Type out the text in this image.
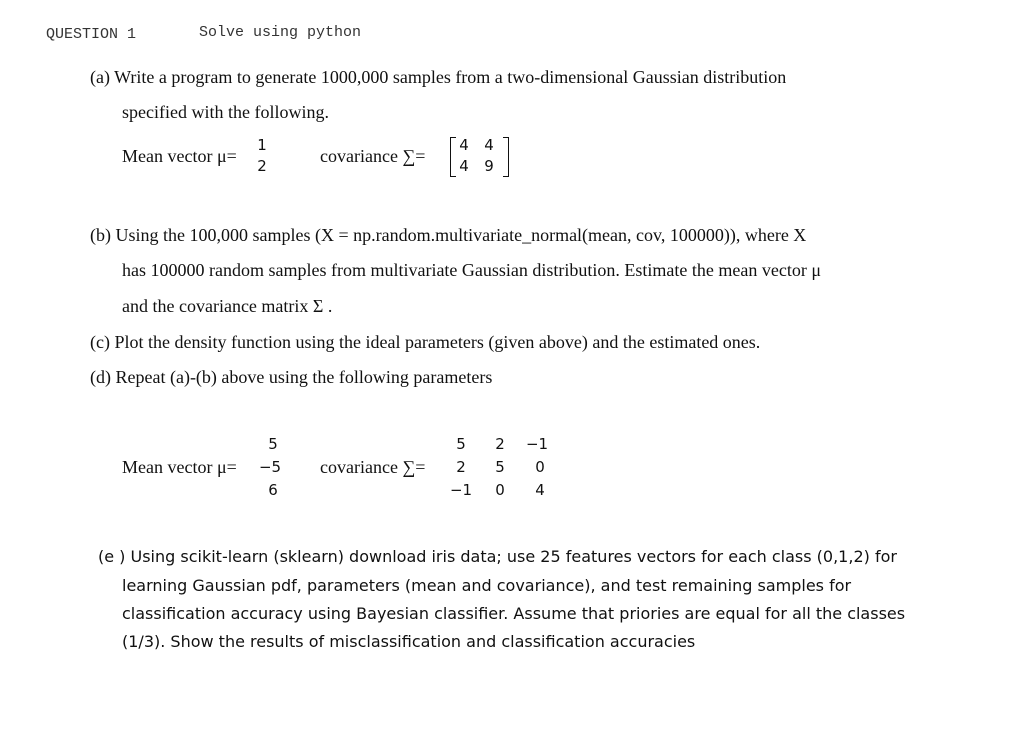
QUESTION 1	Solve using python
(a) Write a program to generate 1000,000 samples from a two-dimensional Gaussian distribution
specified with the following.
Mean vector μ=
1
2	covariance ∑=
4	4
4	9
(b) Using the 100,000 samples (X = np.random.multivariate_normal(mean, cov, 100000)), where X
has 100000 random samples from multivariate Gaussian distribution. Estimate the mean vector μ
and the covariance matrix Σ .
(c) Plot the density function using the ideal parameters (given above) and the estimated ones.
(d) Repeat (a)-(b) above using the following parameters
Mean vector μ=
5
−5
6
covariance ∑=
5	2	−1
2	5	0
−1	0	4
(e ) Using scikit-learn (sklearn) download iris data; use 25 features vectors for each class (0,1,2) for
learning Gaussian pdf, parameters (mean and covariance), and test remaining samples for
classification accuracy using Bayesian classifier. Assume that priories are equal for all the classes
(1/3). Show the results of misclassification and classification accuracies
